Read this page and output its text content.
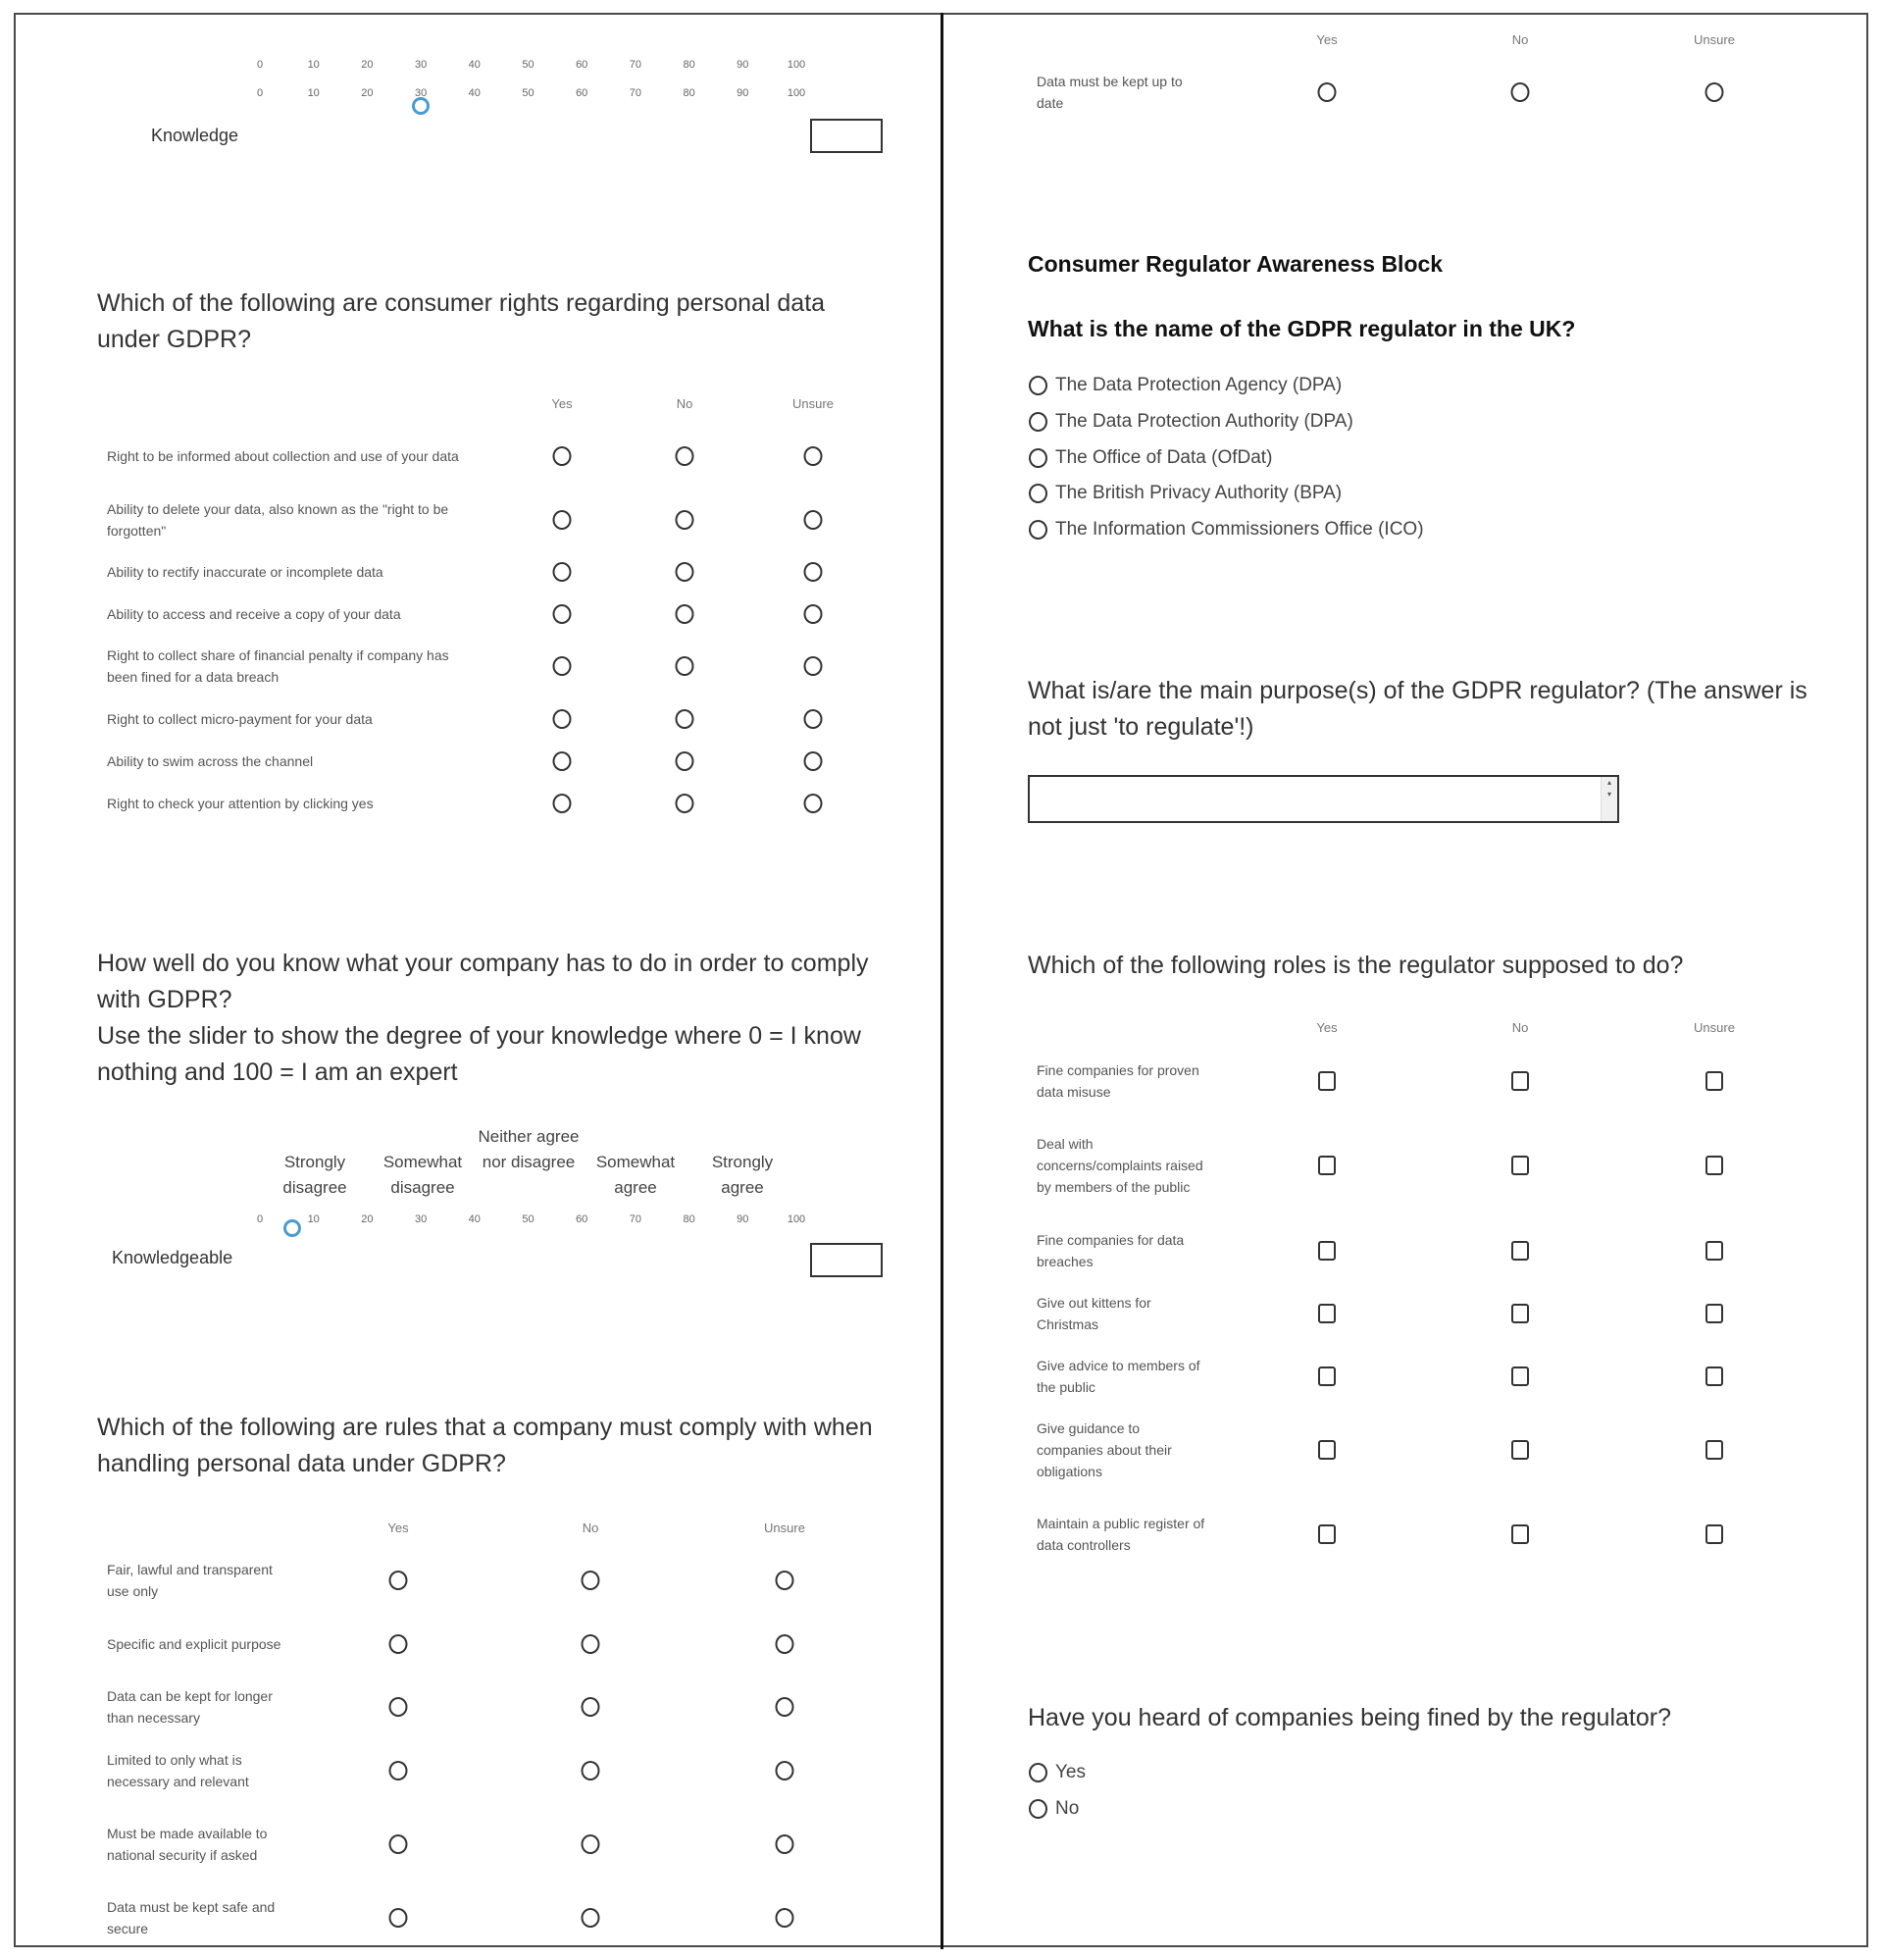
0	10	20	30	40	50	60	70	80	90	100
0	10	20	30	40	50	60	70	80	90	100
Knowledge
Which of the following are consumer rights regarding personal data under GDPR?
Yes	No	Unsure
Right to be informed about collection and use of your data
Ability to delete your data, also known as the "right to be forgotten"
Ability to rectify inaccurate or incomplete data
Ability to access and receive a copy of your data
Right to collect share of financial penalty if company has been fined for a data breach
Right to collect micro-payment for your data
Ability to swim across the channel
Right to check your attention by clicking yes
How well do you know what your company has to do in order to comply with GDPR?
Use the slider to show the degree of your knowledge where 0 = I know nothing and 100 = I am an expert
Strongly disagree
Somewhat disagree
Neither agree nor disagree	Somewhat agree
Strongly agree
0	10	20	30	40	50	60	70	80	90	100
Knowledgeable
Which of the following are rules that a company must comply with when handling personal data under GDPR?
Yes	No	Unsure
Fair, lawful and transparent use only
Specific and explicit purpose
Data can be kept for longer than necessary
Limited to only what is necessary and relevant
Must be made available to national security if asked
Data must be kept safe and secure
Yes	No	Unsure
Data must be kept up to date
Consumer Regulator Awareness Block
What is the name of the GDPR regulator in the UK?
The Data Protection Agency (DPA)
The Data Protection Authority (DPA)
The Office of Data (OfDat)
The British Privacy Authority (BPA)
The Information Commissioners Office (ICO)
What is/are the main purpose(s) of the GDPR regulator? (The answer is not just 'to regulate'!)
▴
▾
Which of the following roles is the regulator supposed to do?
Yes	No	Unsure
Fine companies for proven data misuse
Deal with concerns/complaints raised by members of the public
Fine companies for data breaches
Give out kittens for Christmas
Give advice to members of the public
Give guidance to companies about their obligations
Maintain a public register of data controllers
Have you heard of companies being fined by the regulator?
Yes
No
